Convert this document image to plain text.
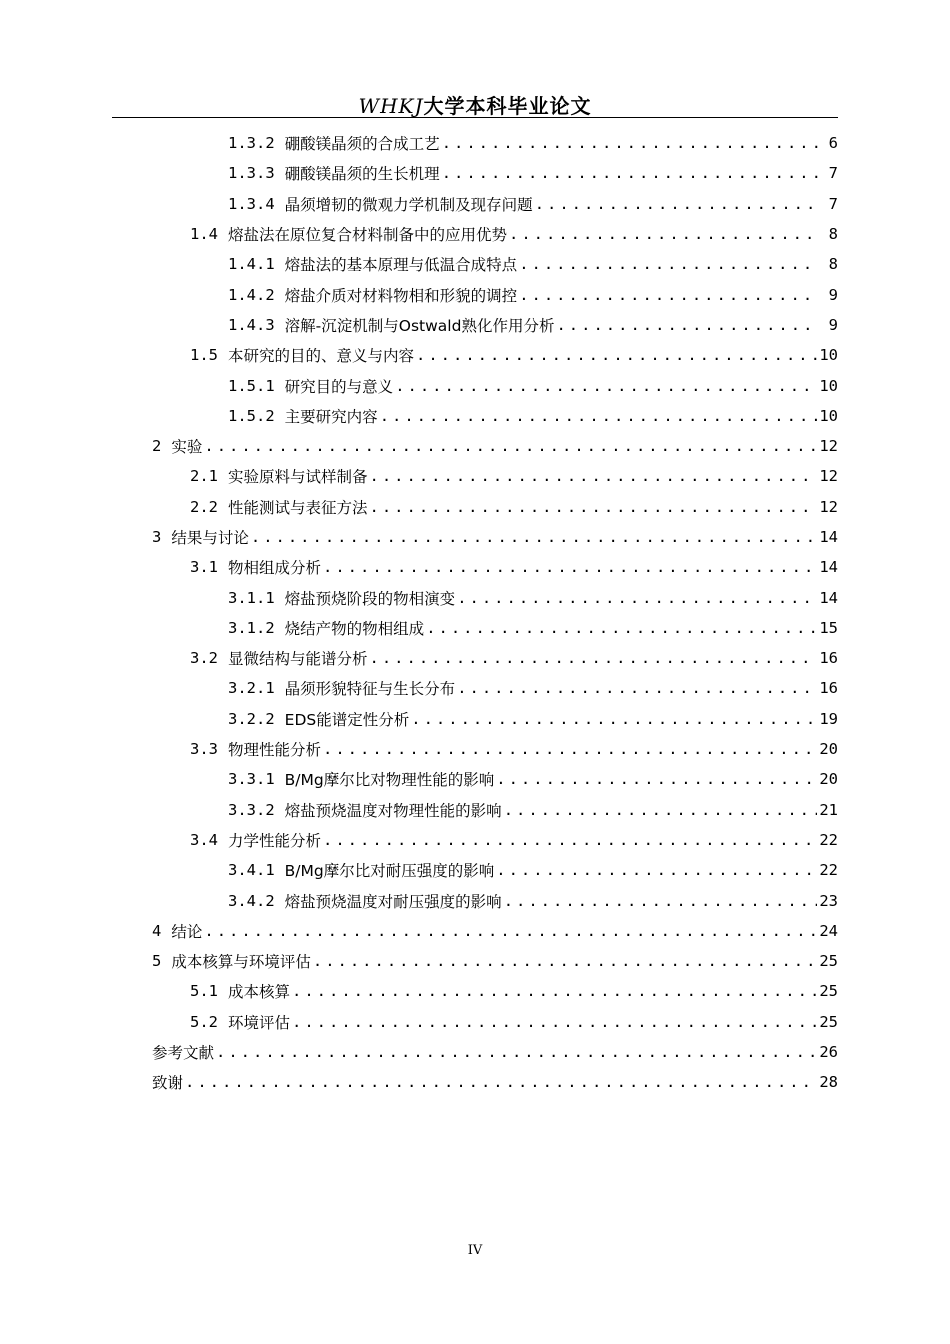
WHKJ大学本科毕业论文
1.3.2 硼酸镁晶须的合成工艺 .....	6
1.3.3 硼酸镁晶须的生长机理 .....	7
1.3.4 晶须增韧的微观力学机制及现存问题 .....	7
1.4 熔盐法在原位复合材料制备中的应用优势 .....	8
1.4.1 熔盐法的基本原理与低温合成特点 .....	8
1.4.2 熔盐介质对材料物相和形貌的调控 .....	9
1.4.3 溶解-沉淀机制与Ostwald熟化作用分析 .....	9
1.5 本研究的目的、意义与内容 .....	10
1.5.1 研究目的与意义 .....	10
1.5.2 主要研究内容 .....	10
2 实验 .....	12
2.1 实验原料与试样制备 .....	12
2.2 性能测试与表征方法 .....	12
3 结果与讨论 .....	14
3.1 物相组成分析 .....	14
3.1.1 熔盐预烧阶段的物相演变 .....	14
3.1.2 烧结产物的物相组成 .....	15
3.2 显微结构与能谱分析 .....	16
3.2.1 晶须形貌特征与生长分布 .....	16
3.2.2 EDS能谱定性分析 .....	19
3.3 物理性能分析 .....	20
3.3.1 B/Mg摩尔比对物理性能的影响 .....	20
3.3.2 熔盐预烧温度对物理性能的影响 .....	21
3.4 力学性能分析 .....	22
3.4.1 B/Mg摩尔比对耐压强度的影响 .....	22
3.4.2 熔盐预烧温度对耐压强度的影响 .....	23
4 结论 .....	24
5 成本核算与环境评估 .....	25
5.1 成本核算 .....	25
5.2 环境评估 .....	25
参考文献 .....	26
致谢 .....	28
IV
